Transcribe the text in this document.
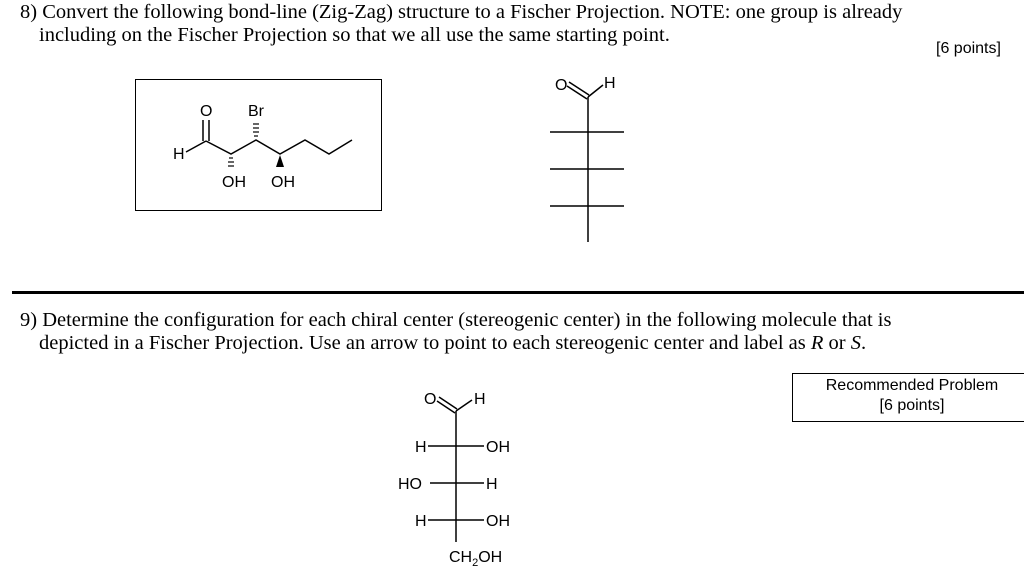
8) Convert the following bond-line (Zig-Zag) structure to a Fischer Projection. NOTE: one group is already
including on the Fischer Projection so that we all use the same starting point.

[6 points]
H
O
OH
Br
OH
O H

9) Determine the configuration for each chiral center (stereogenic center) in the following molecule that is
depicted in a Fischer Projection. Use an arrow to point to each stereogenic center and label as R or S.

Recommended Problem
[6 points]
O H
H	OH
HO	H
H	OH
$CH_2OH$
